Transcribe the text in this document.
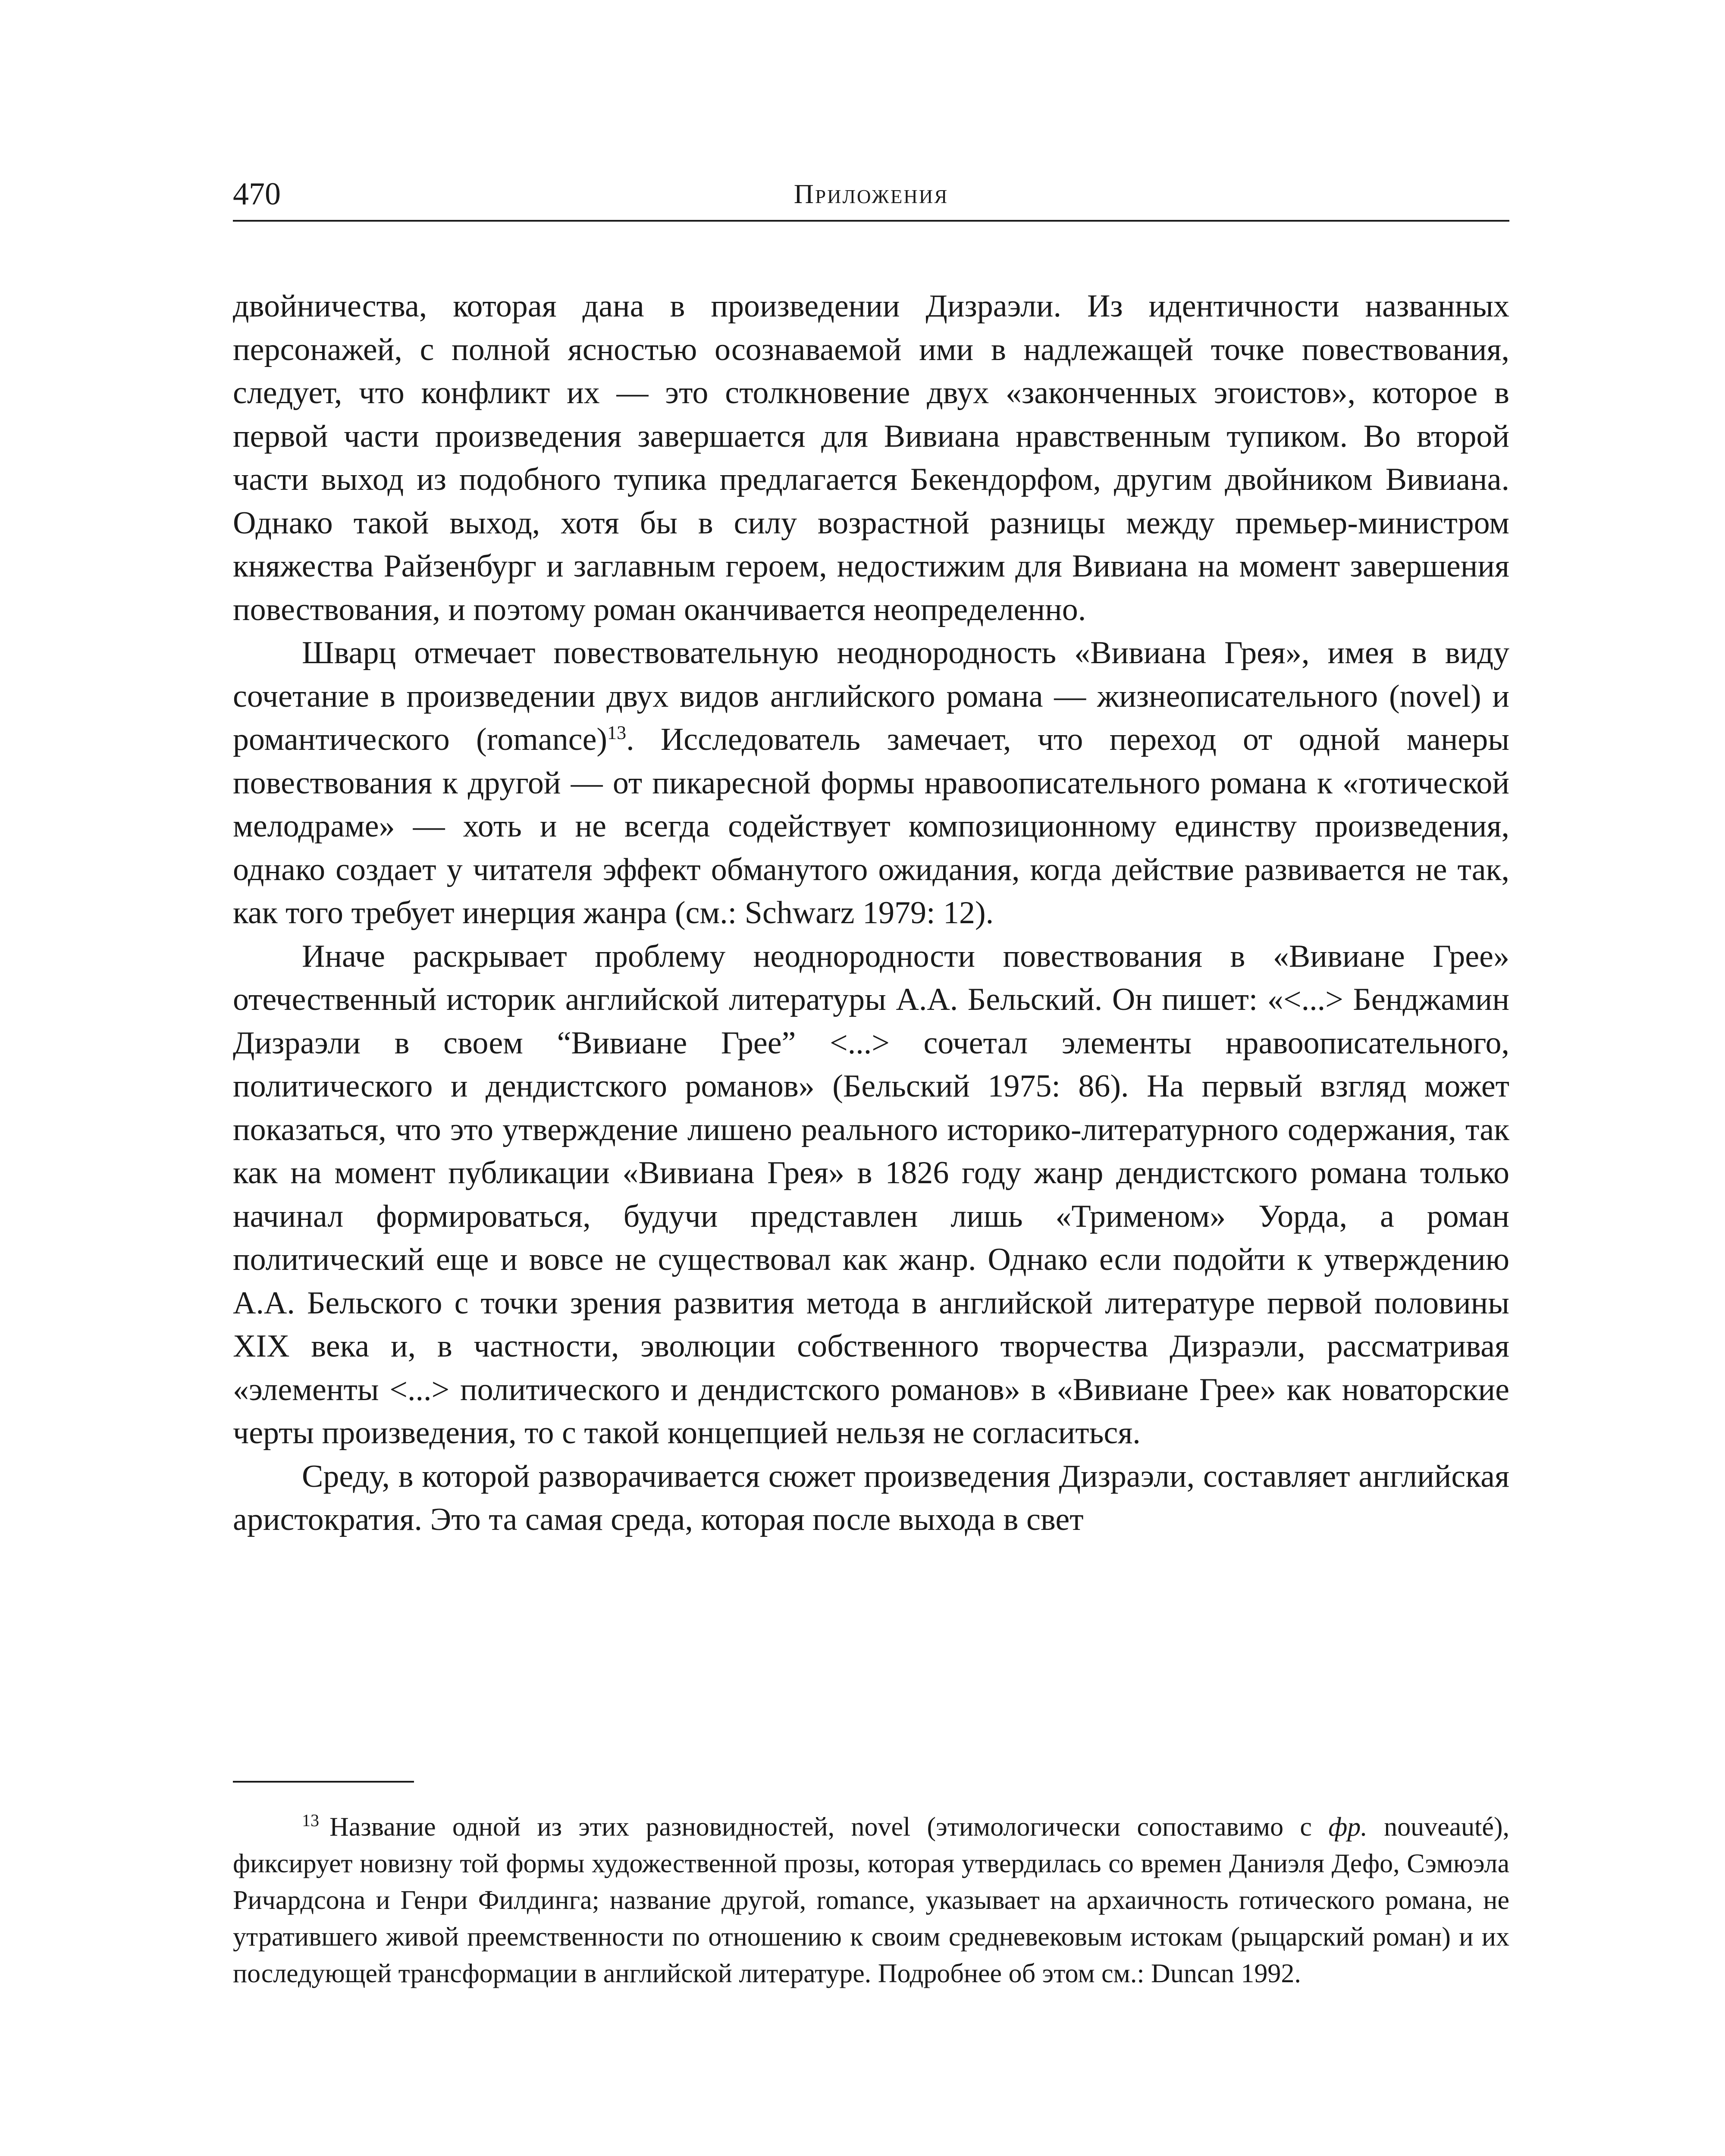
470	Приложения

двойничества, которая дана в произведении Дизраэли. Из идентичности названных персонажей, с полной ясностью осознаваемой ими в надлежащей точке повествования, следует, что конфликт их — это столкновение двух «законченных эгоистов», которое в первой части произведения завершается для Вивиана нравственным тупиком. Во второй части выход из подобного тупика предлагается Бекендорфом, другим двойником Вивиана. Однако такой выход, хотя бы в силу возрастной разницы между премьер-министром княжества Райзенбург и заглавным героем, недостижим для Вивиана на момент завершения повествования, и поэтому роман оканчивается неопределенно.

Шварц отмечает повествовательную неоднородность «Вивиана Грея», имея в виду сочетание в произведении двух видов английского романа — жизнеописательного (novel) и романтического (romance)$^{13}$. Исследователь замечает, что переход от одной манеры повествования к другой — от пикаресной формы нравоописательного романа к «готической мелодраме» — хоть и не всегда содействует композиционному единству произведения, однако создает у читателя эффект обманутого ожидания, когда действие развивается не так, как того требует инерция жанра (см.: Schwarz 1979: 12).

Иначе раскрывает проблему неоднородности повествования в «Вивиане Грее» отечественный историк английской литературы А.А. Бельский. Он пишет: «<...> Бенджамин Дизраэли в своем “Вивиане Грее” <...> сочетал элементы нравоописательного, политического и дендистского романов» (Бельский 1975: 86). На первый взгляд может показаться, что это утверждение лишено реального историко-литературного содержания, так как на момент публикации «Вивиана Грея» в 1826 году жанр дендистского романа только начинал формироваться, будучи представлен лишь «Трименом» Уорда, а роман политический еще и вовсе не существовал как жанр. Однако если подойти к утверждению А.А. Бельского с точки зрения развития метода в английской литературе первой половины XIX века и, в частности, эволюции собственного творчества Дизраэли, рассматривая «элементы <...> политического и дендистского романов» в «Вивиане Грее» как новаторские черты произведения, то с такой концепцией нельзя не согласиться.

Среду, в которой разворачивается сюжет произведения Дизраэли, составляет английская аристократия. Это та самая среда, которая после выхода в свет

$^{13}$ Название одной из этих разновидностей, novel (этимологически сопоставимо с фр. nouveauté), фиксирует новизну той формы художественной прозы, которая утвердилась со времен Даниэля Дефо, Сэмюэла Ричардсона и Генри Филдинга; название другой, romance, указывает на архаичность готического романа, не утратившего живой преемственности по отношению к своим средневековым истокам (рыцарский роман) и их последующей трансформации в английской литературе. Подробнее об этом см.: Duncan 1992.
